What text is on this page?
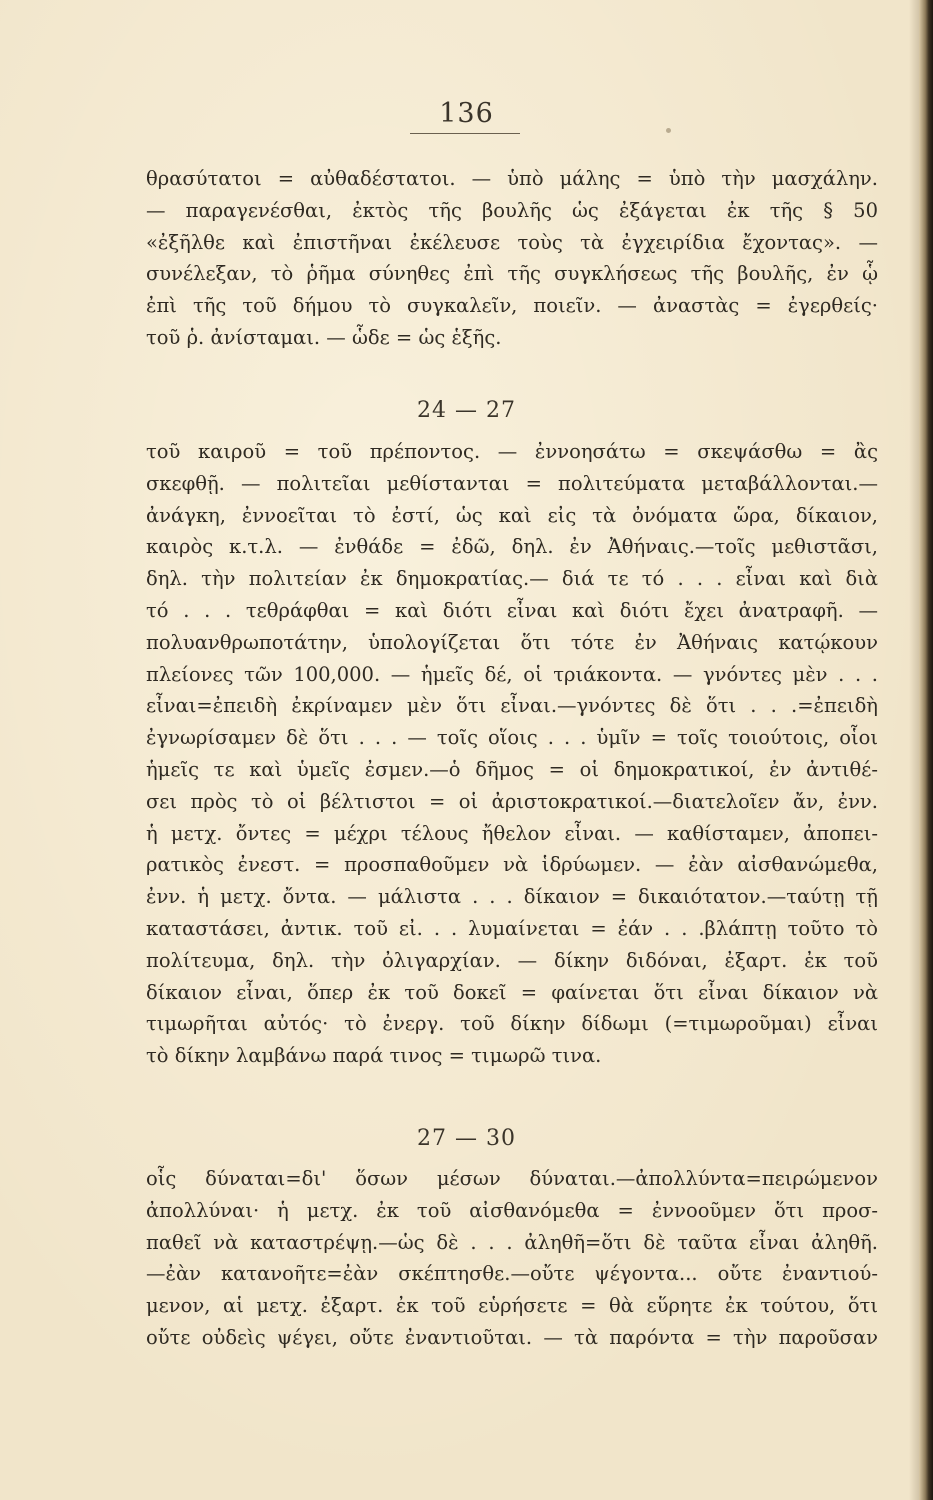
136
θρασύτατοι = αὐθαδέστατοι. — ὑπὸ μάλης = ὑπὸ τὴν μασχάλην.
— παραγενέσθαι, ἐκτὸς τῆς βουλῆς ὡς ἐξάγεται ἐκ τῆς § 50
«ἐξῆλθε καὶ ἐπιστῆναι ἐκέλευσε τοὺς τὰ ἐγχειρίδια ἔχοντας». —
συνέλεξαν, τὸ ῥῆμα σύνηθες ἐπὶ τῆς συγκλήσεως τῆς βουλῆς, ἐν ᾧ
ἐπὶ τῆς τοῦ δήμου τὸ συγκαλεῖν, ποιεῖν. — ἀναστὰς = ἐγερθείς·
τοῦ ῥ. ἀνίσταμαι. — ὧδε = ὡς ἑξῆς.
24 — 27
τοῦ καιροῦ = τοῦ πρέποντος. — ἐννοησάτω = σκεψάσθω = ἂς
σκεφθῇ. — πολιτεῖαι μεθίστανται = πολιτεύματα μεταβάλλονται.—
ἀνάγκη, ἐννοεῖται τὸ ἐστί, ὡς καὶ εἰς τὰ ὀνόματα ὥρα, δίκαιον,
καιρὸς κ.τ.λ. — ἐνθάδε = ἐδῶ, δηλ. ἐν Ἀθήναις.—τοῖς μεθιστᾶσι,
δηλ. τὴν πολιτείαν ἐκ δημοκρατίας.— διά τε τό . . . εἶναι καὶ διὰ
τό . . . τεθράφθαι = καὶ διότι εἶναι καὶ διότι ἔχει ἀνατραφῆ. —
πολυανθρωποτάτην, ὑπολογίζεται ὅτι τότε ἐν Ἀθήναις κατῴκουν
πλείονες τῶν 100,000. — ἡμεῖς δέ, οἱ τριάκοντα. — γνόντες μὲν . . .
εἶναι=ἐπειδὴ ἐκρίναμεν μὲν ὅτι εἶναι.—γνόντες δὲ ὅτι . . .=ἐπειδὴ
ἐγνωρίσαμεν δὲ ὅτι . . . — τοῖς οἵοις . . . ὑμῖν = τοῖς τοιούτοις, οἷοι
ἡμεῖς τε καὶ ὑμεῖς ἐσμεν.—ὁ δῆμος = οἱ δημοκρατικοί, ἐν ἀντιθέ-
σει πρὸς τὸ οἱ βέλτιστοι = οἱ ἀριστοκρατικοί.—διατελοῖεν ἄν, ἐνν.
ἡ μετχ. ὄντες = μέχρι τέλους ἤθελον εἶναι. — καθίσταμεν, ἀποπει-
ρατικὸς ἐνεστ. = προσπαθοῦμεν νὰ ἱδρύωμεν. — ἐὰν αἰσθανώμεθα,
ἐνν. ἡ μετχ. ὄντα. — μάλιστα . . . δίκαιον = δικαιότατον.—ταύτῃ τῇ
καταστάσει, ἀντικ. τοῦ εἰ. . . λυμαίνεται = ἐάν . . .βλάπτῃ τοῦτο τὸ
πολίτευμα, δηλ. τὴν ὀλιγαρχίαν. — δίκην διδόναι, ἐξαρτ. ἐκ τοῦ
δίκαιον εἶναι, ὅπερ ἐκ τοῦ δοκεῖ = φαίνεται ὅτι εἶναι δίκαιον νὰ
τιμωρῆται αὐτός· τὸ ἐνεργ. τοῦ δίκην δίδωμι (=τιμωροῦμαι) εἶναι
τὸ δίκην λαμβάνω παρά τινος = τιμωρῶ τινα.
27 — 30
οἷς δύναται=δι' ὅσων μέσων δύναται.—ἀπολλύντα=πειρώμενον
ἀπολλύναι· ἡ μετχ. ἐκ τοῦ αἰσθανόμεθα = ἐννοοῦμεν ὅτι προσ-
παθεῖ νὰ καταστρέψῃ.—ὡς δὲ . . . ἀληθῆ=ὅτι δὲ ταῦτα εἶναι ἀληθῆ.
—ἐὰν κατανοῆτε=ἐὰν σκέπτησθε.—οὔτε ψέγοντα... οὔτε ἐναντιού-
μενον, αἱ μετχ. ἐξαρτ. ἐκ τοῦ εὑρήσετε = θὰ εὕρητε ἐκ τούτου, ὅτι
οὔτε οὐδεὶς ψέγει, οὔτε ἐναντιοῦται. — τὰ παρόντα = τὴν παροῦσαν
